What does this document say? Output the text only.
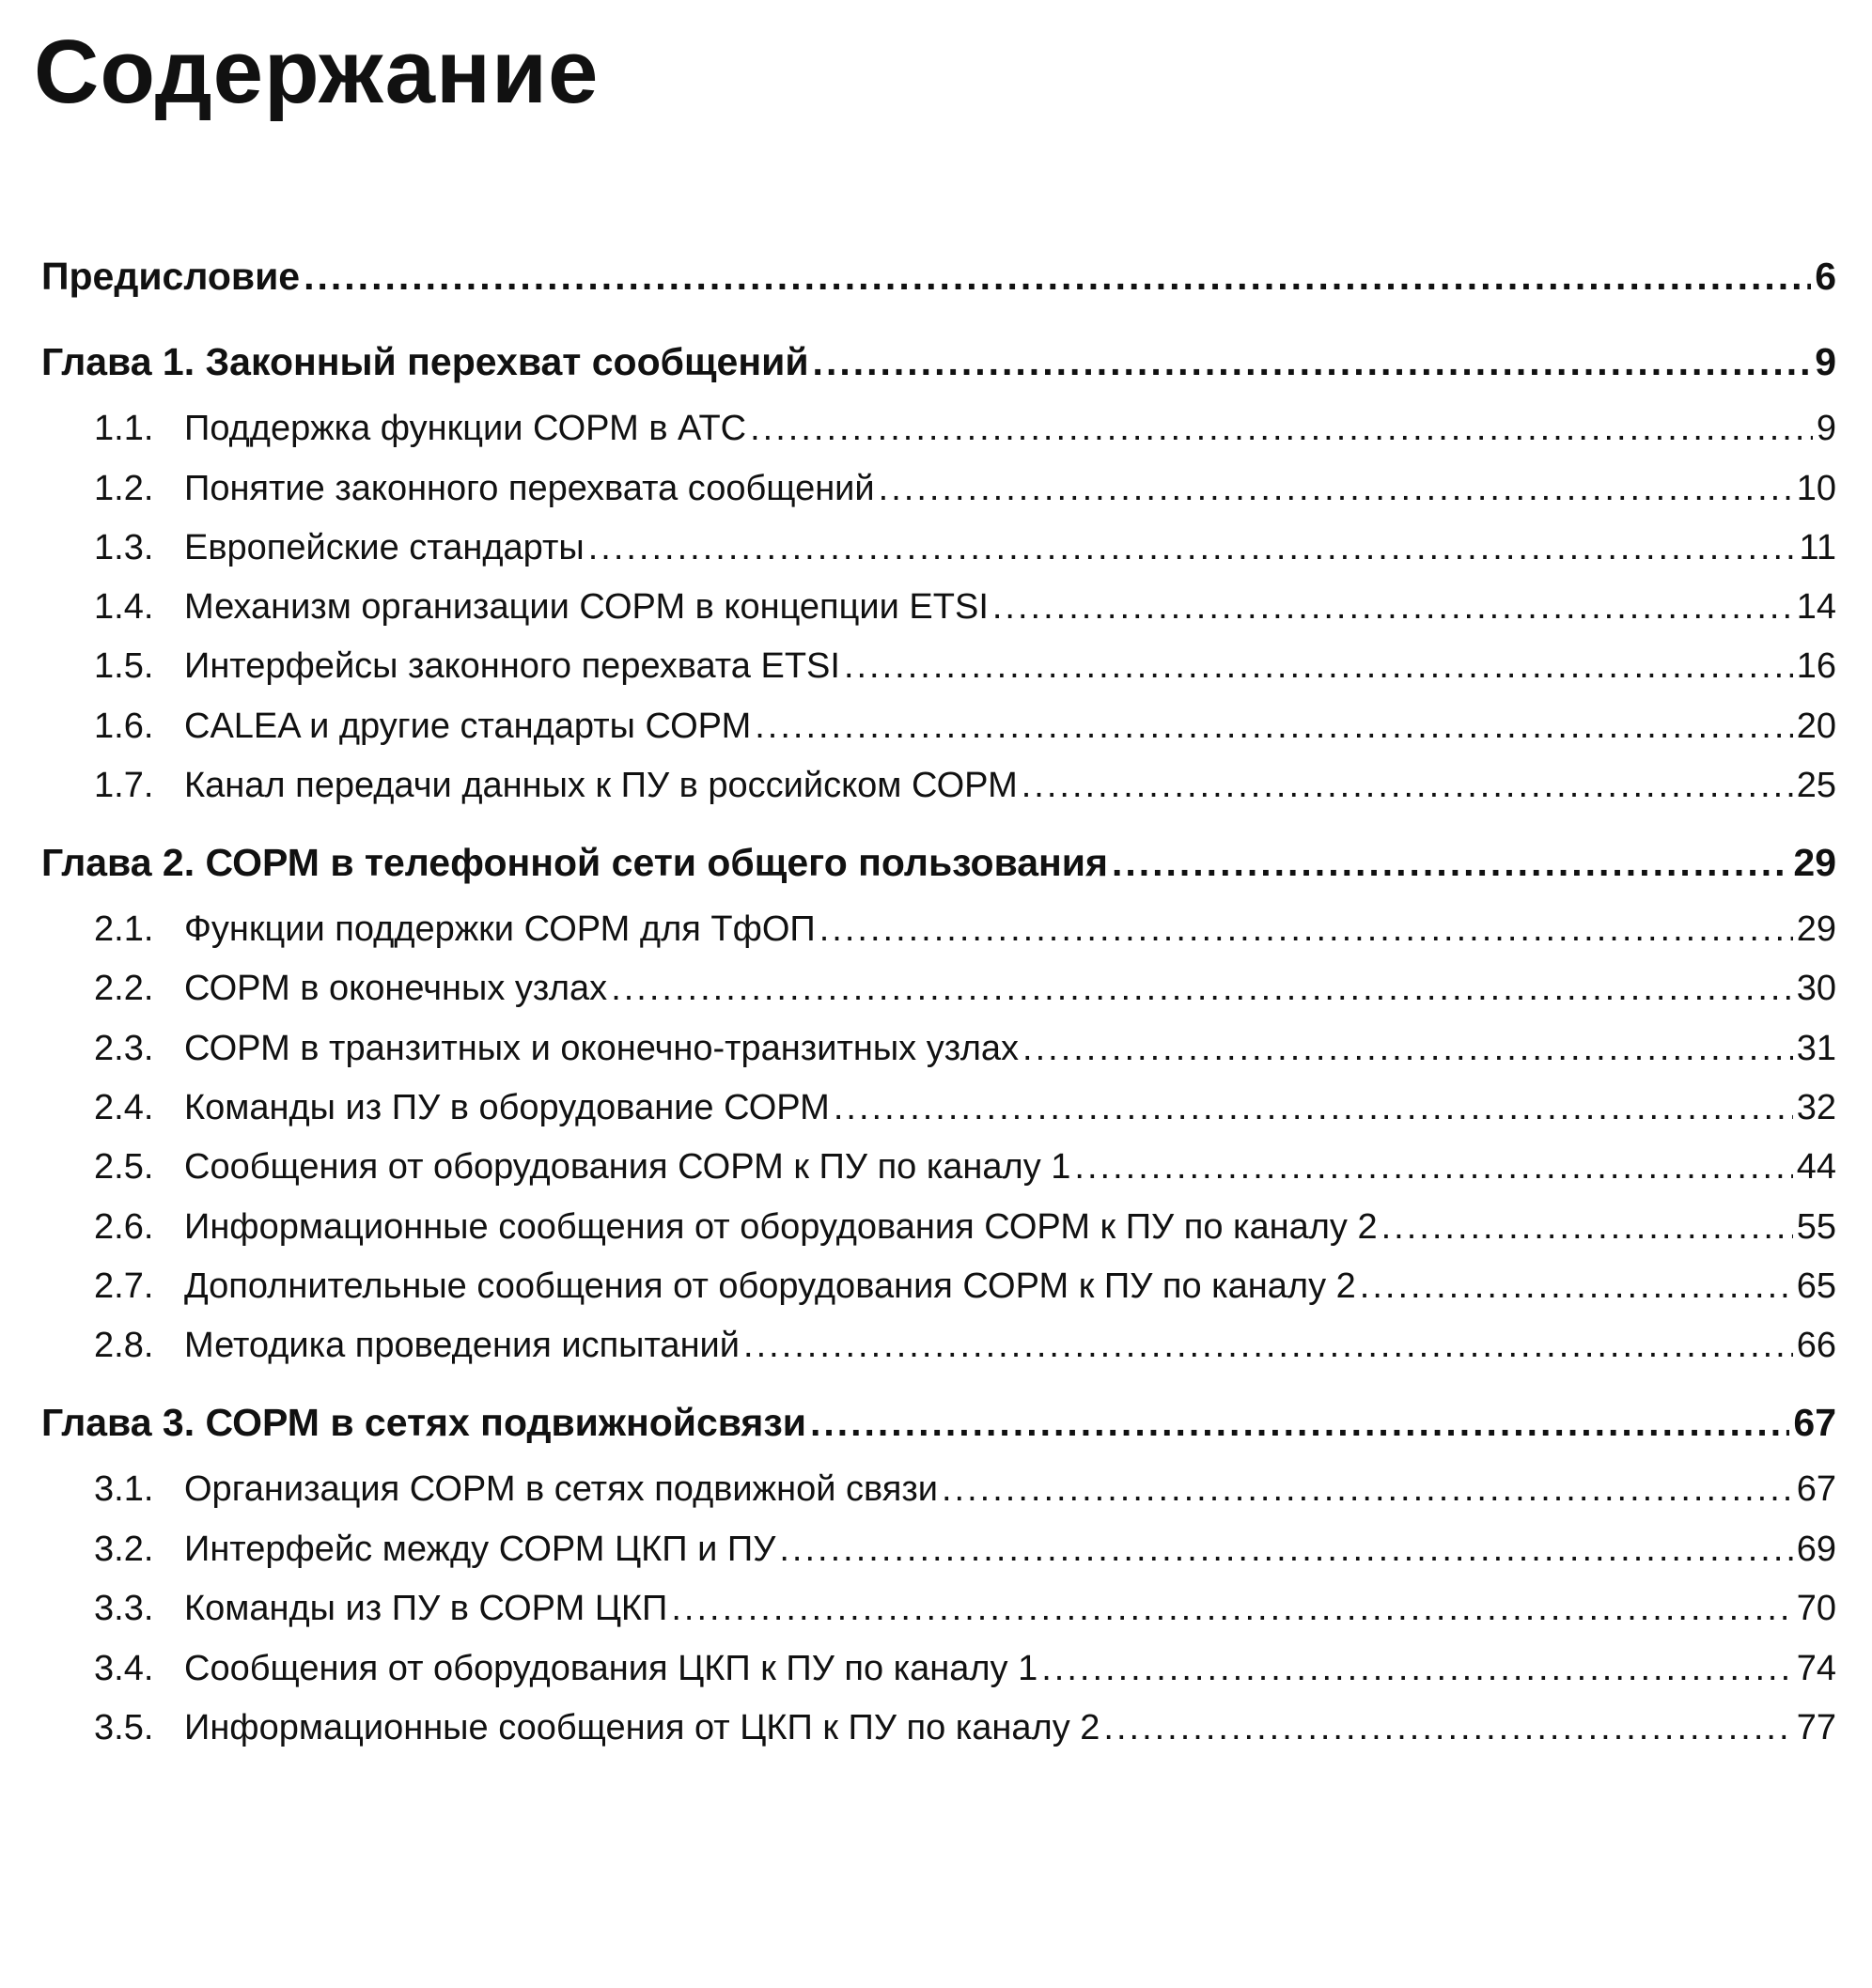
Содержание
Предисловие .....	6
Глава 1. Законный перехват сообщений .....	9
1.1. Поддержка функции СОРМ в АТС .....	9
1.2. Понятие законного перехвата сообщений .....	10
1.3. Европейские стандарты .....	11
1.4. Механизм организации СОРМ в концепции ETSI .....	14
1.5. Интерфейсы законного перехвата ETSI .....	16
1.6. CALEA и другие стандарты СОРМ .....	20
1.7. Канал передачи данных к ПУ в российском СОРМ .....	25
Глава 2. СОРМ в телефонной сети общего пользования .....	29
2.1. Функции поддержки СОРМ для ТфОП .....	29
2.2. СОРМ в оконечных узлах .....	30
2.3. СОРМ в транзитных и оконечно-транзитных узлах .....	31
2.4. Команды из ПУ в оборудование СОРМ .....	32
2.5. Сообщения от оборудования СОРМ к ПУ по каналу 1 .....	44
2.6. Информационные сообщения от оборудования СОРМ к ПУ по каналу 2 .....	55
2.7. Дополнительные сообщения от оборудования СОРМ к ПУ по каналу 2 .....	65
2.8. Методика проведения испытаний .....	66
Глава 3. СОРМ в сетях подвижнойсвязи .....	67
3.1. Организация СОРМ в сетях подвижной связи .....	67
3.2. Интерфейс между СОРМ ЦКП и ПУ .....	69
3.3. Команды из ПУ в СОРМ ЦКП .....	70
3.4. Сообщения от оборудования ЦКП к ПУ по каналу 1 .....	74
3.5. Информационные сообщения от ЦКП к ПУ по каналу 2 .....	77
